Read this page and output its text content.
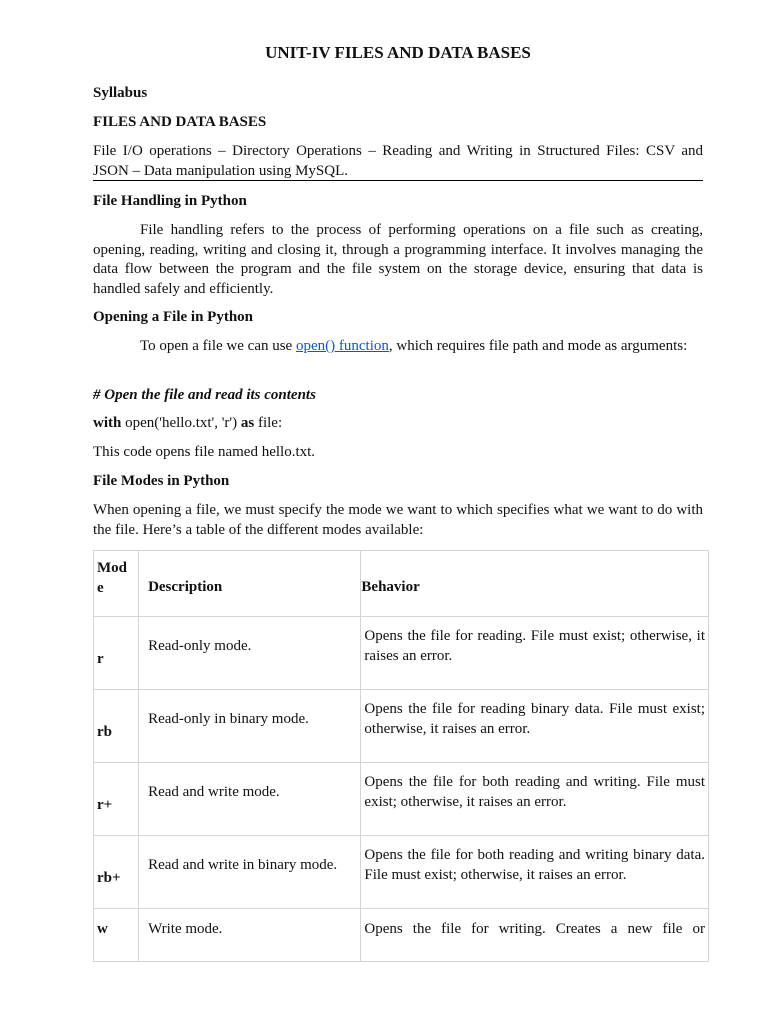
UNIT-IV FILES AND DATA BASES
Syllabus
FILES AND DATA BASES
File I/O operations – Directory Operations – Reading and Writing in Structured Files: CSV and JSON – Data manipulation using MySQL.
File Handling in Python
File handling refers to the process of performing operations on a file such as creating, opening, reading, writing and closing it, through a programming interface. It involves managing the data flow between the program and the file system on the storage device, ensuring that data is handled safely and efficiently.
Opening a File in Python
To open a file we can use open() function, which requires file path and mode as arguments:
# Open the file and read its contents
with open('hello.txt', 'r') as file:
This code opens file named hello.txt.
File Modes in Python
When opening a file, we must specify the mode we want to which specifies what we want to do with the file. Here’s a table of the different modes available:
Mode	Description	Behavior

r	Read-only mode.	Opens the file for reading. File must exist; otherwise, it raises an error.

rb	Read-only in binary mode.	Opens the file for reading binary data. File must exist; otherwise, it raises an error.

r+	Read and write mode.	Opens the file for both reading and writing. File must exist; otherwise, it raises an error.

rb+	Read and write in binary mode.	Opens the file for both reading and writing binary data. File must exist; otherwise, it raises an error.

w	Write mode.	Opens the file for writing. Creates a new file or
